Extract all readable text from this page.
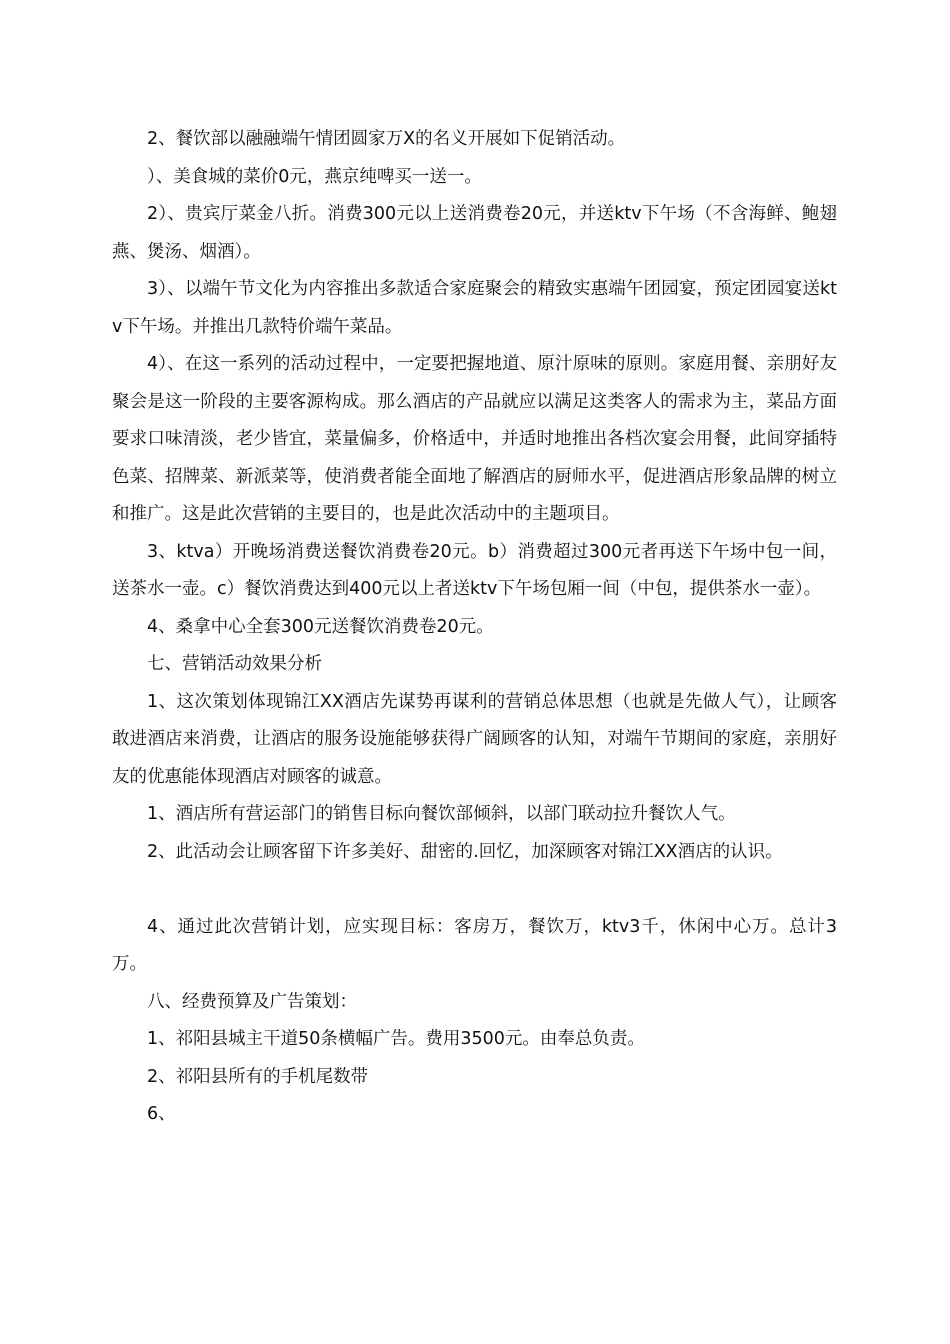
2、餐饮部以融融端午情团圆家万X的名义开展如下促销活动。

）、美食城的菜价0元，燕京纯啤买一送一。

2）、贵宾厅菜金八折。消费300元以上送消费卷20元，并送ktv下午场（不含海鲜、鲍翅燕、煲汤、烟酒）。

3）、以端午节文化为内容推出多款适合家庭聚会的精致实惠端午团园宴，预定团园宴送ktv下午场。并推出几款特价端午菜品。

4）、在这一系列的活动过程中，一定要把握地道、原汁原味的原则。家庭用餐、亲朋好友聚会是这一阶段的主要客源构成。那么酒店的产品就应以满足这类客人的需求为主，菜品方面要求口味清淡，老少皆宜，菜量偏多，价格适中，并适时地推出各档次宴会用餐，此间穿插特色菜、招牌菜、新派菜等，使消费者能全面地了解酒店的厨师水平，促进酒店形象品牌的树立和推广。这是此次营销的主要目的，也是此次活动中的主题项目。

3、ktva）开晚场消费送餐饮消费卷20元。b）消费超过300元者再送下午场中包一间，送茶水一壶。c）餐饮消费达到400元以上者送ktv下午场包厢一间（中包，提供茶水一壶）。

4、桑拿中心全套300元送餐饮消费卷20元。

七、营销活动效果分析

1、这次策划体现锦江XX酒店先谋势再谋利的营销总体思想（也就是先做人气），让顾客敢进酒店来消费，让酒店的服务设施能够获得广阔顾客的认知，对端午节期间的家庭，亲朋好友的优惠能体现酒店对顾客的诚意。

1、酒店所有营运部门的销售目标向餐饮部倾斜，以部门联动拉升餐饮人气。

2、此活动会让顾客留下许多美好、甜密的.回忆，加深顾客对锦江XX酒店的认识。

4、通过此次营销计划，应实现目标：客房万，餐饮万，ktv3千，休闲中心万。总计3万。

八、经费预算及广告策划：

1、祁阳县城主干道50条横幅广告。费用3500元。由奉总负责。

2、祁阳县所有的手机尾数带

6、
